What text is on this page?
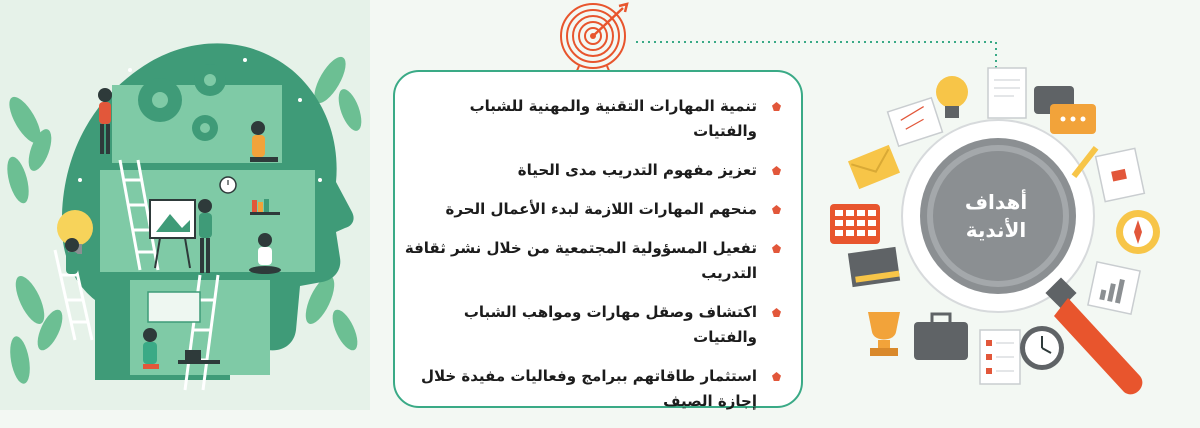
تنمية المهارات التقنية والمهنية للشباب والفتيات
تعزيز مفهوم التدريب مدى الحياة
منحهم المهارات اللازمة لبدء الأعمال الحرة
تفعيل المسؤولية المجتمعية من خلال نشر ثقافة التدريب
اكتشاف وصقل مهارات ومواهب الشباب والفتيات
استثمار طاقاتهم ببرامج وفعاليات مفيدة خلال إجازة الصيف
أهداف
الأندية
